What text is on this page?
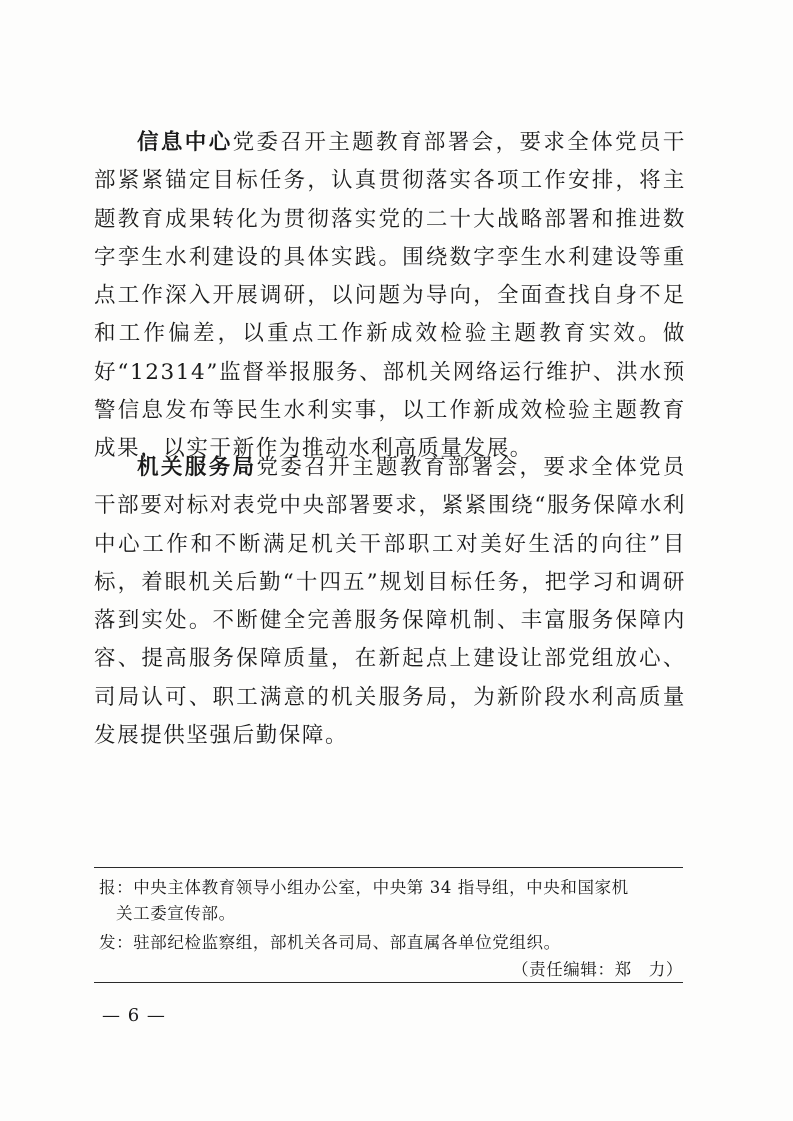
信息中心党委召开主题教育部署会，要求全体党员干部紧紧锚定目标任务，认真贯彻落实各项工作安排，将主题教育成果转化为贯彻落实党的二十大战略部署和推进数字孪生水利建设的具体实践。围绕数字孪生水利建设等重点工作深入开展调研，以问题为导向，全面查找自身不足和工作偏差，以重点工作新成效检验主题教育实效。做好“12314”监督举报服务、部机关网络运行维护、洪水预警信息发布等民生水利实事，以工作新成效检验主题教育成果，以实干新作为推动水利高质量发展。

机关服务局党委召开主题教育部署会，要求全体党员干部要对标对表党中央部署要求，紧紧围绕“服务保障水利中心工作和不断满足机关干部职工对美好生活的向往”目标，着眼机关后勤“十四五”规划目标任务，把学习和调研落到实处。不断健全完善服务保障机制、丰富服务保障内容、提高服务保障质量，在新起点上建设让部党组放心、司局认可、职工满意的机关服务局，为新阶段水利高质量发展提供坚强后勤保障。

报：中央主体教育领导小组办公室，中央第 34 指导组，中央和国家机
关工委宣传部。
发：驻部纪检监察组，部机关各司局、部直属各单位党组织。
（责任编辑：郑　力）
— 6 —
